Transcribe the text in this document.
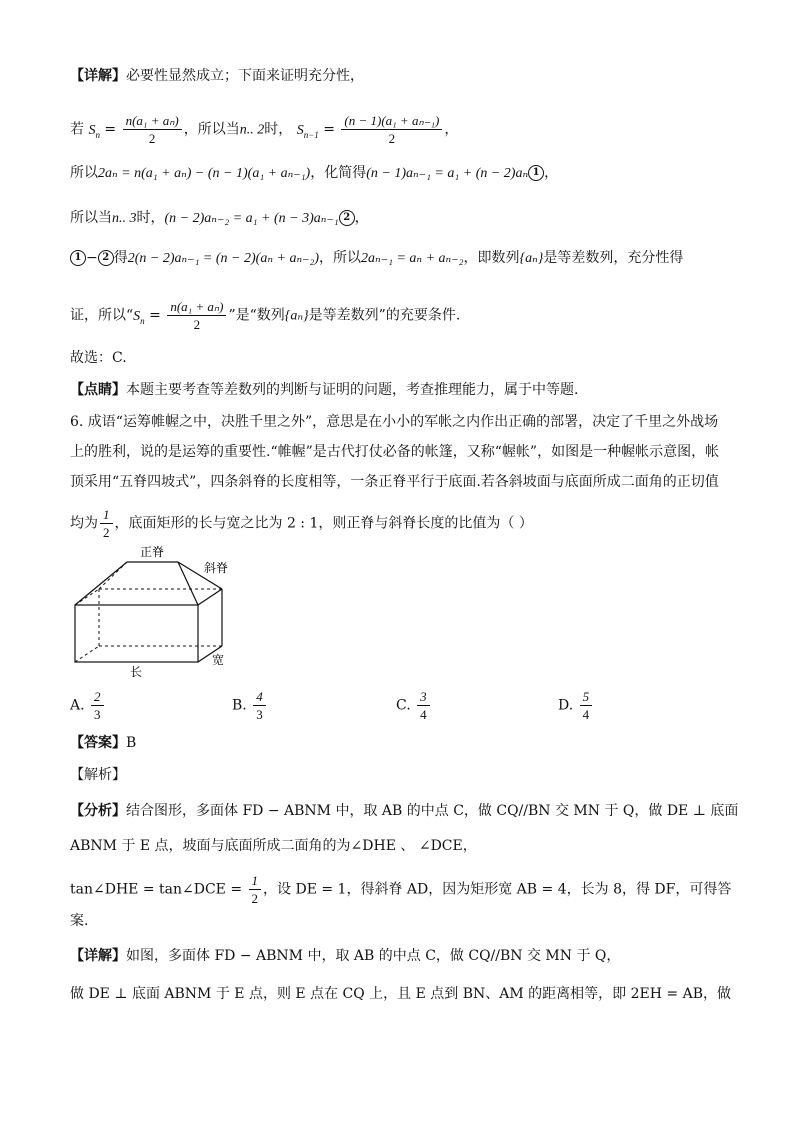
【详解】必要性显然成立；下面来证明充分性，
若 $S_n = \frac{\text{n(a₁ + aₙ)}}{2}$ ，所以当n.. 2时， $S_{n-1} = \frac{\text{(n − 1)(a₁ + aₙ₋₁)}}{2}$ ，
所以2aₙ = n(a₁ + aₙ) − (n − 1)(a₁ + aₙ₋₁)，化简得(n − 1)aₙ₋₁ = a₁ + (n − 2)aₙ 1 ，
所以当n.. 3时，(n − 2)aₙ₋₂ = a₁ + (n − 3)aₙ₋₁ 2 ，
1 − 2 得2(n − 2)aₙ₋₁ = (n − 2)(aₙ + aₙ₋₂)，所以2aₙ₋₁ = aₙ + aₙ₋₂，即数列{aₙ}是等差数列，充分性得
证，所以“$S_n = \frac{\text{n(a₁ + aₙ)}}{2}$ ”是“数列{aₙ}是等差数列”的充要条件.
故选：C.
【点睛】本题主要考查等差数列的判断与证明的问题，考查推理能力，属于中等题.
6. 成语“运筹帷幄之中，决胜千里之外”，意思是在小小的军帐之内作出正确的部署，决定了千里之外战场
上的胜利，说的是运筹的重要性.“帷幄”是古代打仗必备的帐篷，又称“幄帐”，如图是一种幄帐示意图，帐
顶采用“五脊四坡式”，四条斜脊的长度相等，一条正脊平行于底面.若各斜坡面与底面所成二面角的正切值
均为 $\frac{1}{2}$ ，底面矩形的长与宽之比为 2 : 1，则正脊与斜脊长度的比值为（ ）
正脊
斜脊
长
宽
A. $\frac{2}{3}$	B. $\frac{4}{3}$	C. $\frac{3}{4}$	D. $\frac{5}{4}$
【答案】B
【解析】
【分析】结合图形，多面体 FD − ABNM 中，取 AB 的中点 C，做 CQ//BN 交 MN 于 Q，做 DE ⊥ 底面
ABNM 于 E 点，坡面与底面所成二面角的为∠DHE 、 ∠DCE，
tan∠DHE = tan∠DCE = $\frac{1}{2}$ ，设 DE = 1，得斜脊 AD，因为矩形宽 AB = 4，长为 8，得 DF，可得答
案.
【详解】如图，多面体 FD − ABNM 中，取 AB 的中点 C，做 CQ//BN 交 MN 于 Q，
做 DE ⊥ 底面 ABNM 于 E 点，则 E 点在 CQ 上，且 E 点到 BN、AM 的距离相等，即 2EH = AB，做
